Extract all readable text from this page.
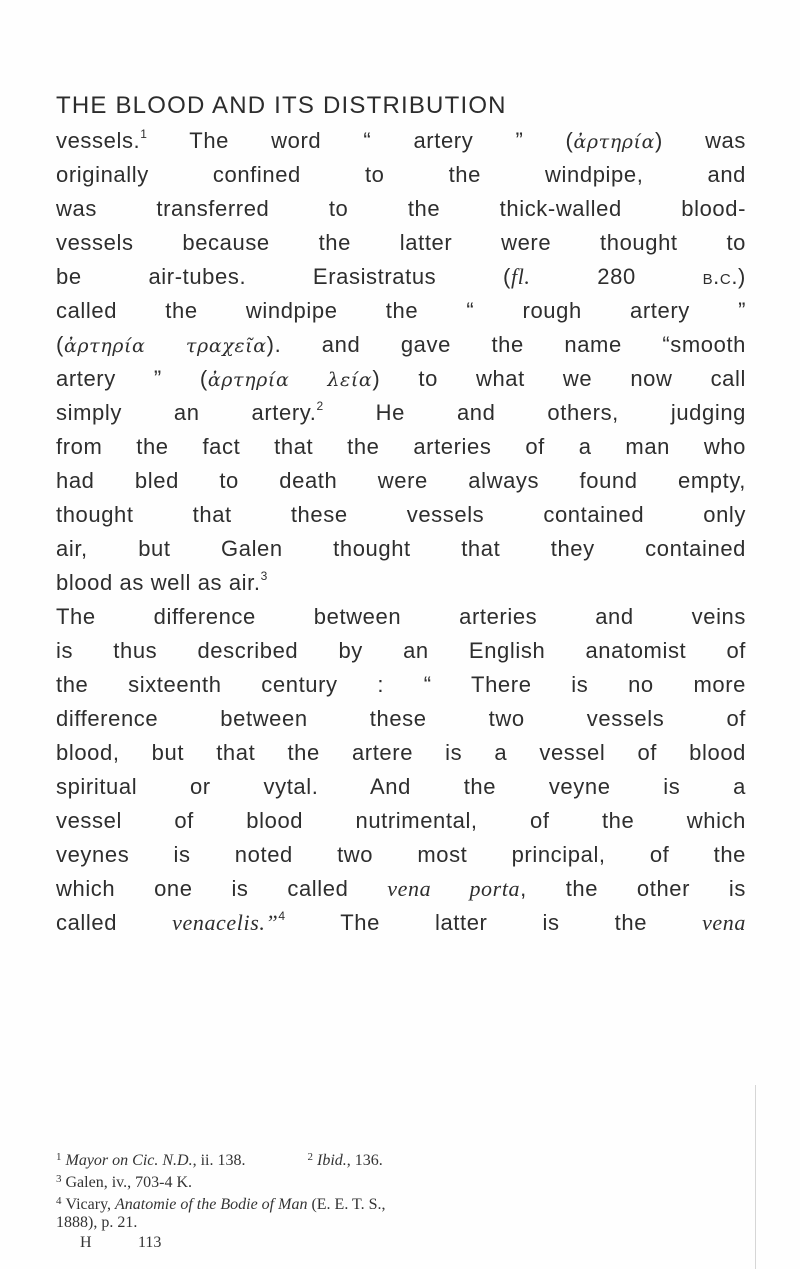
THE BLOOD AND ITS DISTRIBUTION
vessels.$^1$ The word “ artery ” (ἀρτηρία) was
originally confined to the windpipe, and
was transferred to the thick-walled blood-
vessels because the latter were thought to
be air-tubes. Erasistratus (fl. 280 b.c.)
called the windpipe the “ rough artery ”
(ἀρτηρία τραχεῖα). and gave the name “smooth
artery ” (ἀρτηρία λεία) to what we now call
simply an artery.$^2$ He and others, judging
from the fact that the arteries of a man who
had bled to death were always found empty,
thought that these vessels contained only
air, but Galen thought that they contained
blood as well as air.$^3$
The difference between arteries and veins
is thus described by an English anatomist of
the sixteenth century : “ There is no more
difference between these two vessels of
blood, but that the artere is a vessel of blood
spiritual or vytal. And the veyne is a
vessel of blood nutrimental, of the which
veynes is noted two most principal, of the
which one is called vena porta, the other is
called venacelis.”$^4$ The latter is the vena
$^1$ Mayor on Cic. N.D., ii. 138.	$^2$ Ibid., 136.
$^3$ Galen, iv., 703-4 K.
$^4$ Vicary, Anatomie of the Bodie of Man (E. E. T. S.,
1888), p. 21.
H	113
